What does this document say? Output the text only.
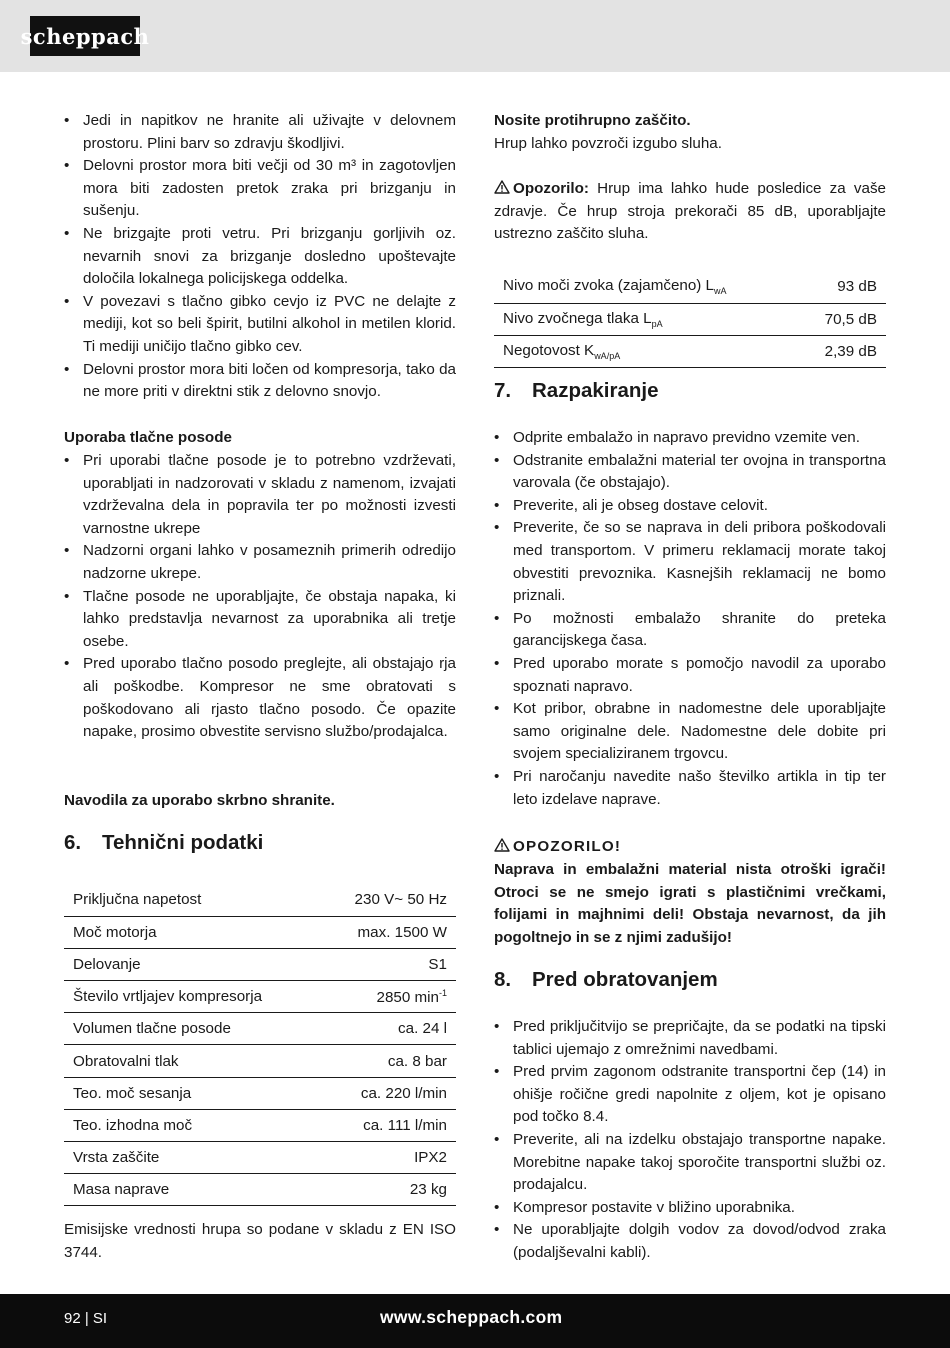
scheppach
• Jedi in napitkov ne hranite ali uživajte v delovnem prostoru. Plini barv so zdravju škodljivi.
• Delovni prostor mora biti večji od 30 m³ in zagotovljen mora biti zadosten pretok zraka pri brizganju in sušenju.
• Ne brizgajte proti vetru. Pri brizganju gorljivih oz. nevarnih snovi za brizganje dosledno upoštevajte določila lokalnega policijskega oddelka.
• V povezavi s tlačno gibko cevjo iz PVC ne delajte z mediji, kot so beli špirit, butilni alkohol in metilen klorid. Ti mediji uničijo tlačno gibko cev.
• Delovni prostor mora biti ločen od kompresorja, tako da ne more priti v direktni stik z delovno snovjo.
Uporaba tlačne posode
• Pri uporabi tlačne posode je to potrebno vzdrževati, uporabljati in nadzorovati v skladu z namenom, izvajati vzdrževalna dela in popravila ter po možnosti izvesti varnostne ukrepe
• Nadzorni organi lahko v posameznih primerih odredijo nadzorne ukrepe.
• Tlačne posode ne uporabljajte, če obstaja napaka, ki lahko predstavlja nevarnost za uporabnika ali tretje osebe.
• Pred uporabo tlačno posodo preglejte, ali obstajajo rja ali poškodbe. Kompresor ne sme obratovati s poškodovano ali rjasto tlačno posodo. Če opazite napake, prosimo obvestite servisno službo/prodajalca.
Navodila za uporabo skrbno shranite.
6. Tehnični podatki
Priključna napetost	230 V~ 50 Hz
Moč motorja	max. 1500 W
Delovanje	S1
Število vrtljajev kompresorja	2850 $\min^{-1}$
Volumen tlačne posode	ca. 24 l
Obratovalni tlak	ca. 8 bar
Teo. moč sesanja	ca. 220 l/min
Teo. izhodna moč	ca. 111 l/min
Vrsta zaščite	IPX2
Masa naprave	23 kg

Emisijske vrednosti hrupa so podane v skladu z EN ISO 3744.

Nosite protihrupno zaščito.

Hrup lahko povzroči izgubo sluha.

Opozorilo: Hrup ima lahko hude posledice za vaše zdravje. Če hrup stroja prekorači 85 dB, uporabljajte ustrezno zaščito sluha.

Nivo moči zvoka (zajamčeno) $L_{wA}$	93 dB
Nivo zvočnega tlaka $L_{pA}$	70,5 dB
Negotovost $K_{wA/pA}$	2,39 dB
7. Razpakiranje
• Odprite embalažo in napravo previdno vzemite ven.
• Odstranite embalažni material ter ovojna in transportna varovala (če obstajajo).
• Preverite, ali je obseg dostave celovit.
• Preverite, če so se naprava in deli pribora poškodovali med transportom. V primeru reklamacij morate takoj obvestiti prevoznika. Kasnejših reklamacij ne bomo priznali.
• Po možnosti embalažo shranite do preteka garancijskega časa.
• Pred uporabo morate s pomočjo navodil za uporabo spoznati napravo.
• Kot pribor, obrabne in nadomestne dele uporabljajte samo originalne dele. Nadomestne dele dobite pri svojem specializiranem trgovcu.
• Pri naročanju navedite našo številko artikla in tip ter leto izdelave naprave.
OPOZORILO!

Naprava in embalažni material nista otroški igrači! Otroci se ne smejo igrati s plastičnimi vrečkami, folijami in majhnimi deli! Obstaja nevarnost, da jih pogoltnejo in se z njimi zadušijo!

8. Pred obratovanjem
• Pred priključitvijo se prepričajte, da se podatki na tipski tablici ujemajo z omrežnimi navedbami.
• Pred prvim zagonom odstranite transportni čep (14) in ohišje ročične gredi napolnite z oljem, kot je opisano pod točko 8.4.
• Preverite, ali na izdelku obstajajo transportne napake. Morebitne napake takoj sporočite transportni službi oz. prodajalcu.
• Kompresor postavite v bližino uporabnika.
• Ne uporabljajte dolgih vodov za dovod/odvod zraka (podaljševalni kabli).
92 | SI	www.scheppach.com
